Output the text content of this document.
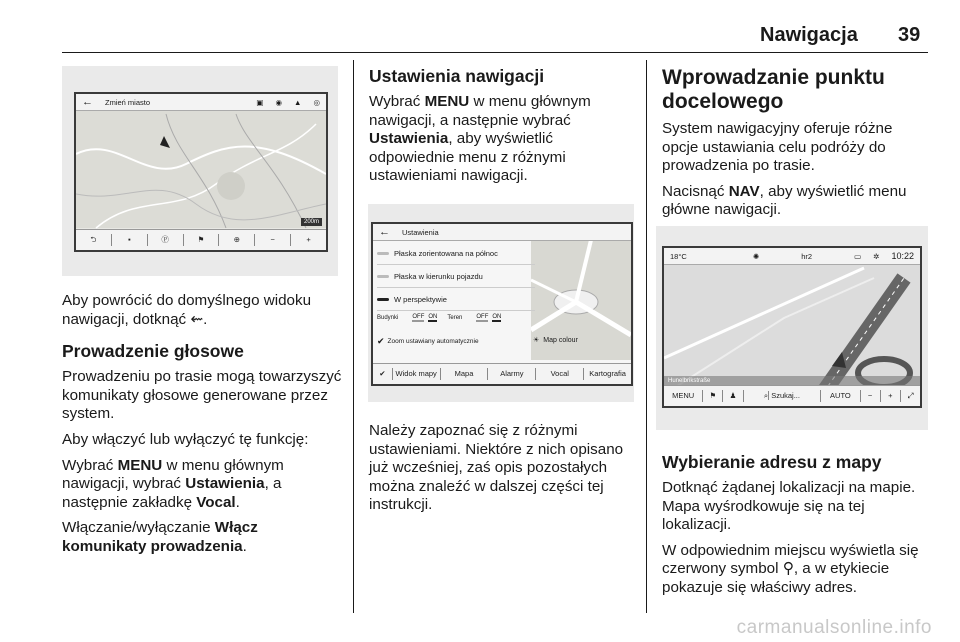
Nawigacja 39
←	Zmień miasto	▣	◉	▲	◎
200m
⮌	▪	Ⓟ	⚑	⊕	−	+

Aby powrócić do domyślnego widoku nawigacji, dotknąć ⇜.

Prowadzenie głosowe

Prowadzeniu po trasie mogą towarzyszyć komunikaty głosowe generowane przez system.

Aby włączyć lub wyłączyć tę funkcję:

Wybrać MENU w menu głównym nawigacji, wybrać Ustawienia, a następnie zakładkę Vocal.

Włączanie/wyłączanie Włącz komunikaty prowadzenia.

Ustawienia nawigacji

Wybrać MENU w menu głównym nawigacji, a następnie wybrać Ustawienia, aby wyświetlić odpowiednie menu z różnymi ustawieniami nawigacji.

←	Ustawienia
Płaska zorientowana na północ
Płaska w kierunku pojazdu
W perspektywie
Budynki OFF ON Teren OFF ON
✔ Zoom ustawiany automatycznie	☀ Map colour
✔	Widok mapy	Mapa	Alarmy	Vocal	Kartografia

Należy zapoznać się z różnymi ustawieniami. Niektóre z nich opisano już wcześniej, zaś opis pozostałych można znaleźć w dalszej części tej instrukcji.

Wprowadzanie punktu docelowego

System nawigacyjny oferuje różne opcje ustawiania celu podróży do prowadzenia po trasie.

Nacisnąć NAV, aby wyświetlić menu główne nawigacji.

18°C	✺	hr2	▭	✲	10:22
Hunelbrikstraße
MENU	⚑	♟	⌕ Szukaj...	AUTO	−	+	⤢
Wybieranie adresu z mapy

Dotknąć żądanej lokalizacji na mapie. Mapa wyśrodkowuje się na tej lokalizacji.

W odpowiednim miejscu wyświetla się czerwony symbol ⚲, a w etykiecie pokazuje się właściwy adres.

carmanualsonline.info
